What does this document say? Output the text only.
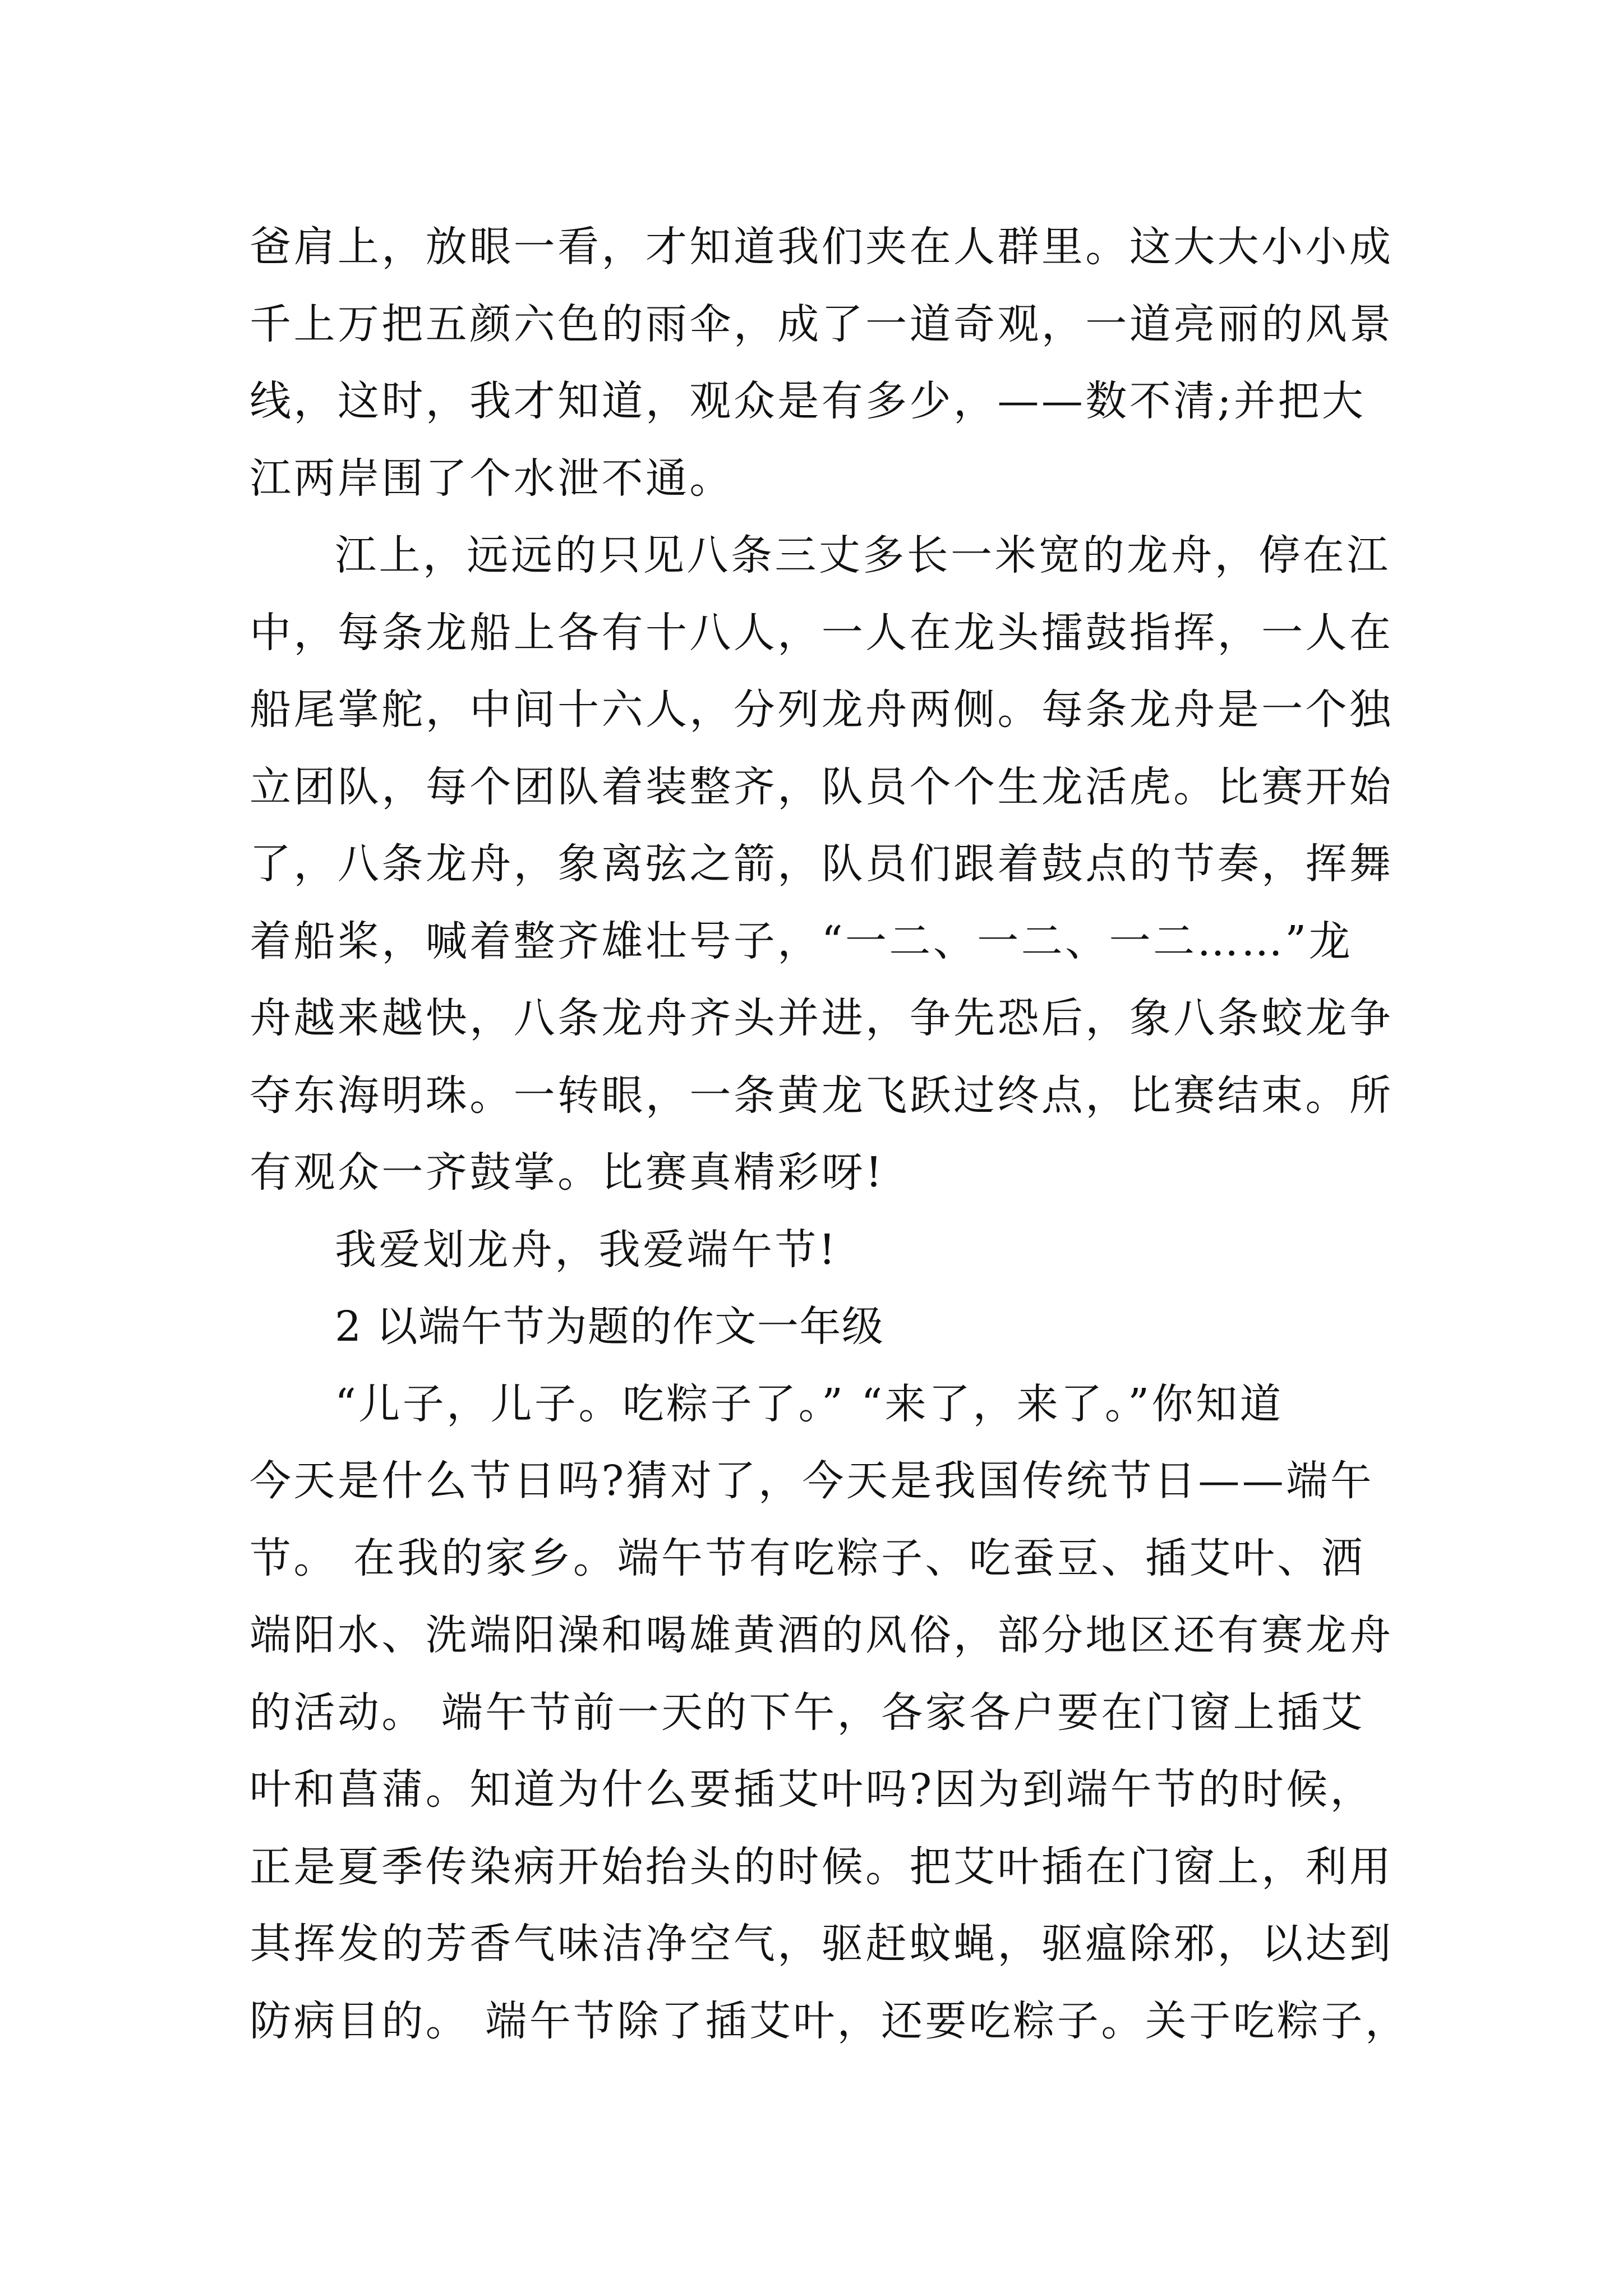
爸肩上，放眼一看，才知道我们夹在人群里。这大大小小成
千上万把五颜六色的雨伞，成了一道奇观，一道亮丽的风景
线，这时，我才知道，观众是有多少，——数不清;并把大
江两岸围了个水泄不通。
江上，远远的只见八条三丈多长一米宽的龙舟，停在江
中，每条龙船上各有十八人，一人在龙头擂鼓指挥，一人在
船尾掌舵，中间十六人，分列龙舟两侧。每条龙舟是一个独
立团队，每个团队着装整齐，队员个个生龙活虎。比赛开始
了，八条龙舟，象离弦之箭，队员们跟着鼓点的节奏，挥舞
着船桨，喊着整齐雄壮号子，“一二、一二、一二……”龙
舟越来越快，八条龙舟齐头并进，争先恐后，象八条蛟龙争
夺东海明珠。一转眼，一条黄龙飞跃过终点，比赛结束。所
有观众一齐鼓掌。比赛真精彩呀!
我爱划龙舟，我爱端午节!
2 以端午节为题的作文一年级
“儿子，儿子。吃粽子了。” “来了，来了。”你知道
今天是什么节日吗?猜对了，今天是我国传统节日——端午
节。 在我的家乡。端午节有吃粽子、吃蚕豆、插艾叶、洒
端阳水、洗端阳澡和喝雄黄酒的风俗，部分地区还有赛龙舟
的活动。 端午节前一天的下午，各家各户要在门窗上插艾
叶和菖蒲。知道为什么要插艾叶吗?因为到端午节的时候，
正是夏季传染病开始抬头的时候。把艾叶插在门窗上，利用
其挥发的芳香气味洁净空气，驱赶蚊蝇，驱瘟除邪，以达到
防病目的。 端午节除了插艾叶，还要吃粽子。关于吃粽子，
